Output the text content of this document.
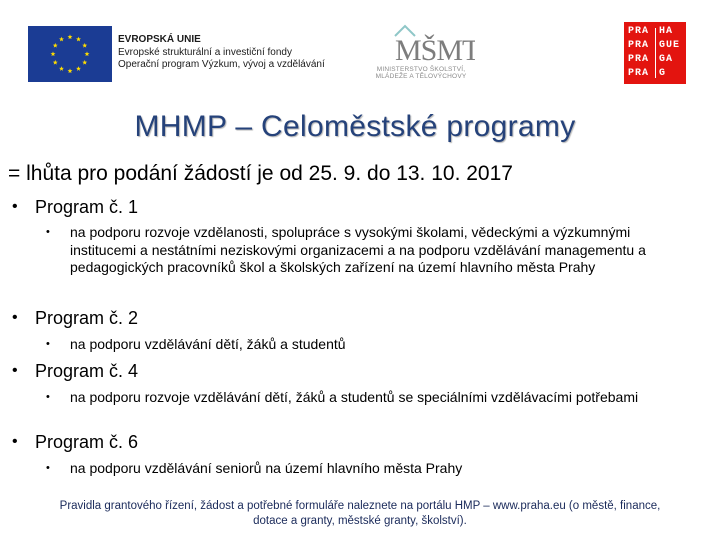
EVROPSKÁ UNIE
Evropské strukturální a investiční fondy
Operační program Výzkum, vývoj a vzdělávání MŠMT
MINISTERSTVO ŠKOLSTVÍ,
MLÁDEŽE A TĚLOVÝCHOVY
PRA HA
PRA GUE
PRA GA
PRA G
MHMP – Celoměstské programy
= lhůta pro podání žádostí je od 25. 9. do 13. 10. 2017
• Program č. 1
• na podporu rozvoje vzdělanosti, spolupráce s vysokými školami, vědeckými a výzkumnými institucemi a nestátními neziskovými organizacemi a na podporu vzdělávání managementu a pedagogických pracovníků škol a školských zařízení na území hlavního města Prahy
• Program č. 2
• na podporu vzdělávání dětí, žáků a studentů
• Program č. 4
• na podporu rozvoje vzdělávání dětí, žáků a studentů se speciálními vzdělávacími potřebami
• Program č. 6
• na podporu vzdělávání seniorů na území hlavního města Prahy
Pravidla grantového řízení, žádost a potřebné formuláře naleznete na portálu HMP – www.praha.eu (o městě, finance,
dotace a granty, městské granty, školství).
